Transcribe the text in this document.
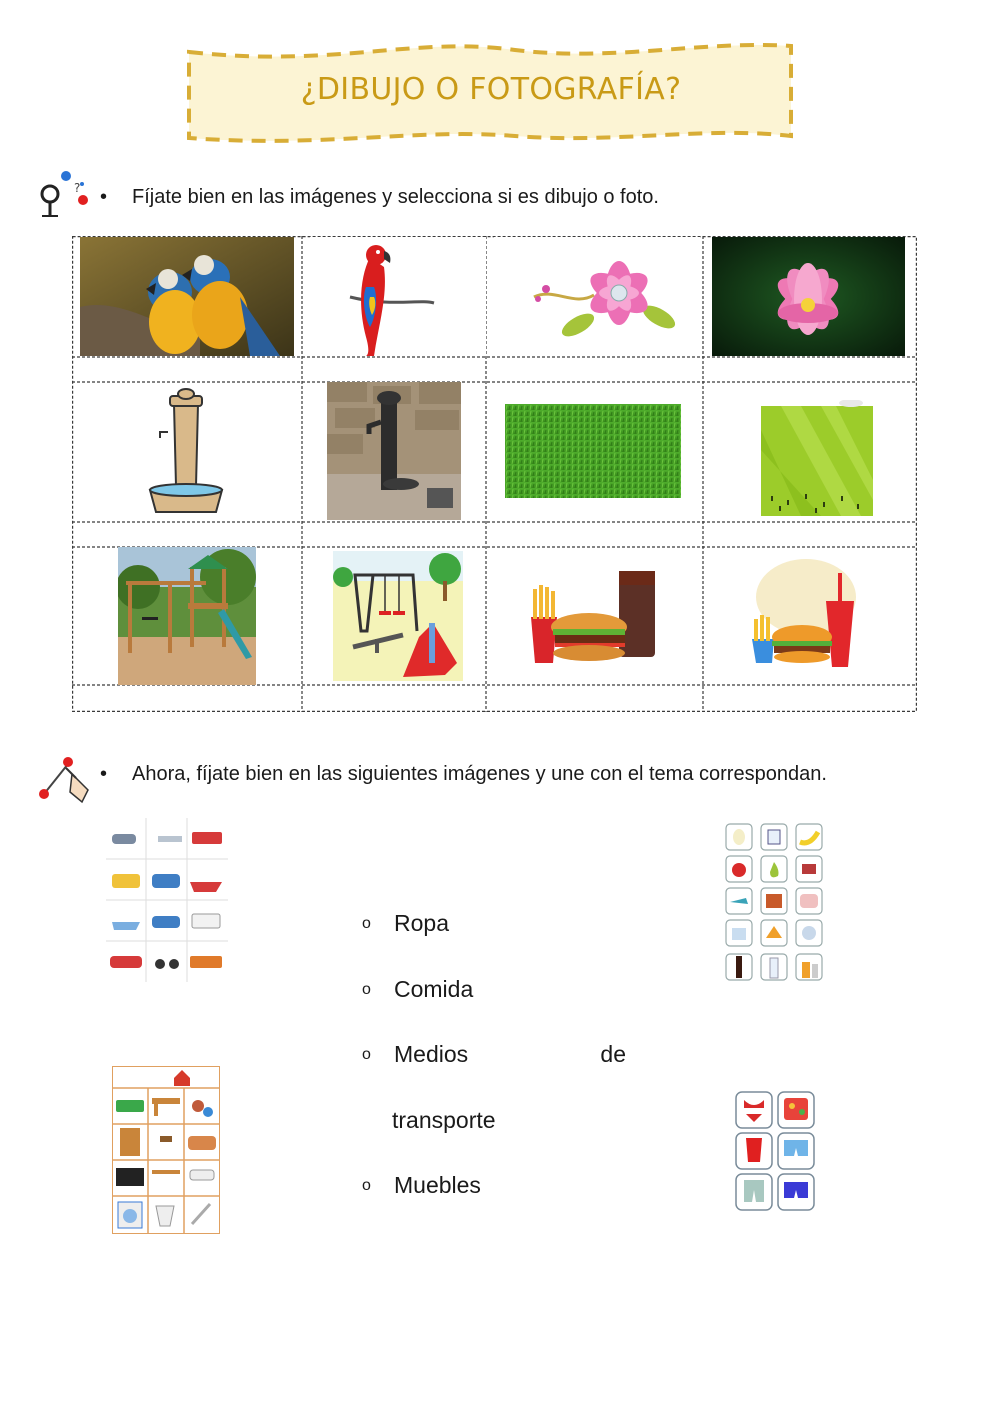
¿DIBUJO O FOTOGRAFÍA?
? •	Fíjate bien en las imágenes y selecciona si es dibujo o foto.
•	Ahora, fíjate bien en las siguientes imágenes y une con el tema correspondan.
o	Ropa
o	Comida
o	Medios	de
transporte
o	Muebles
